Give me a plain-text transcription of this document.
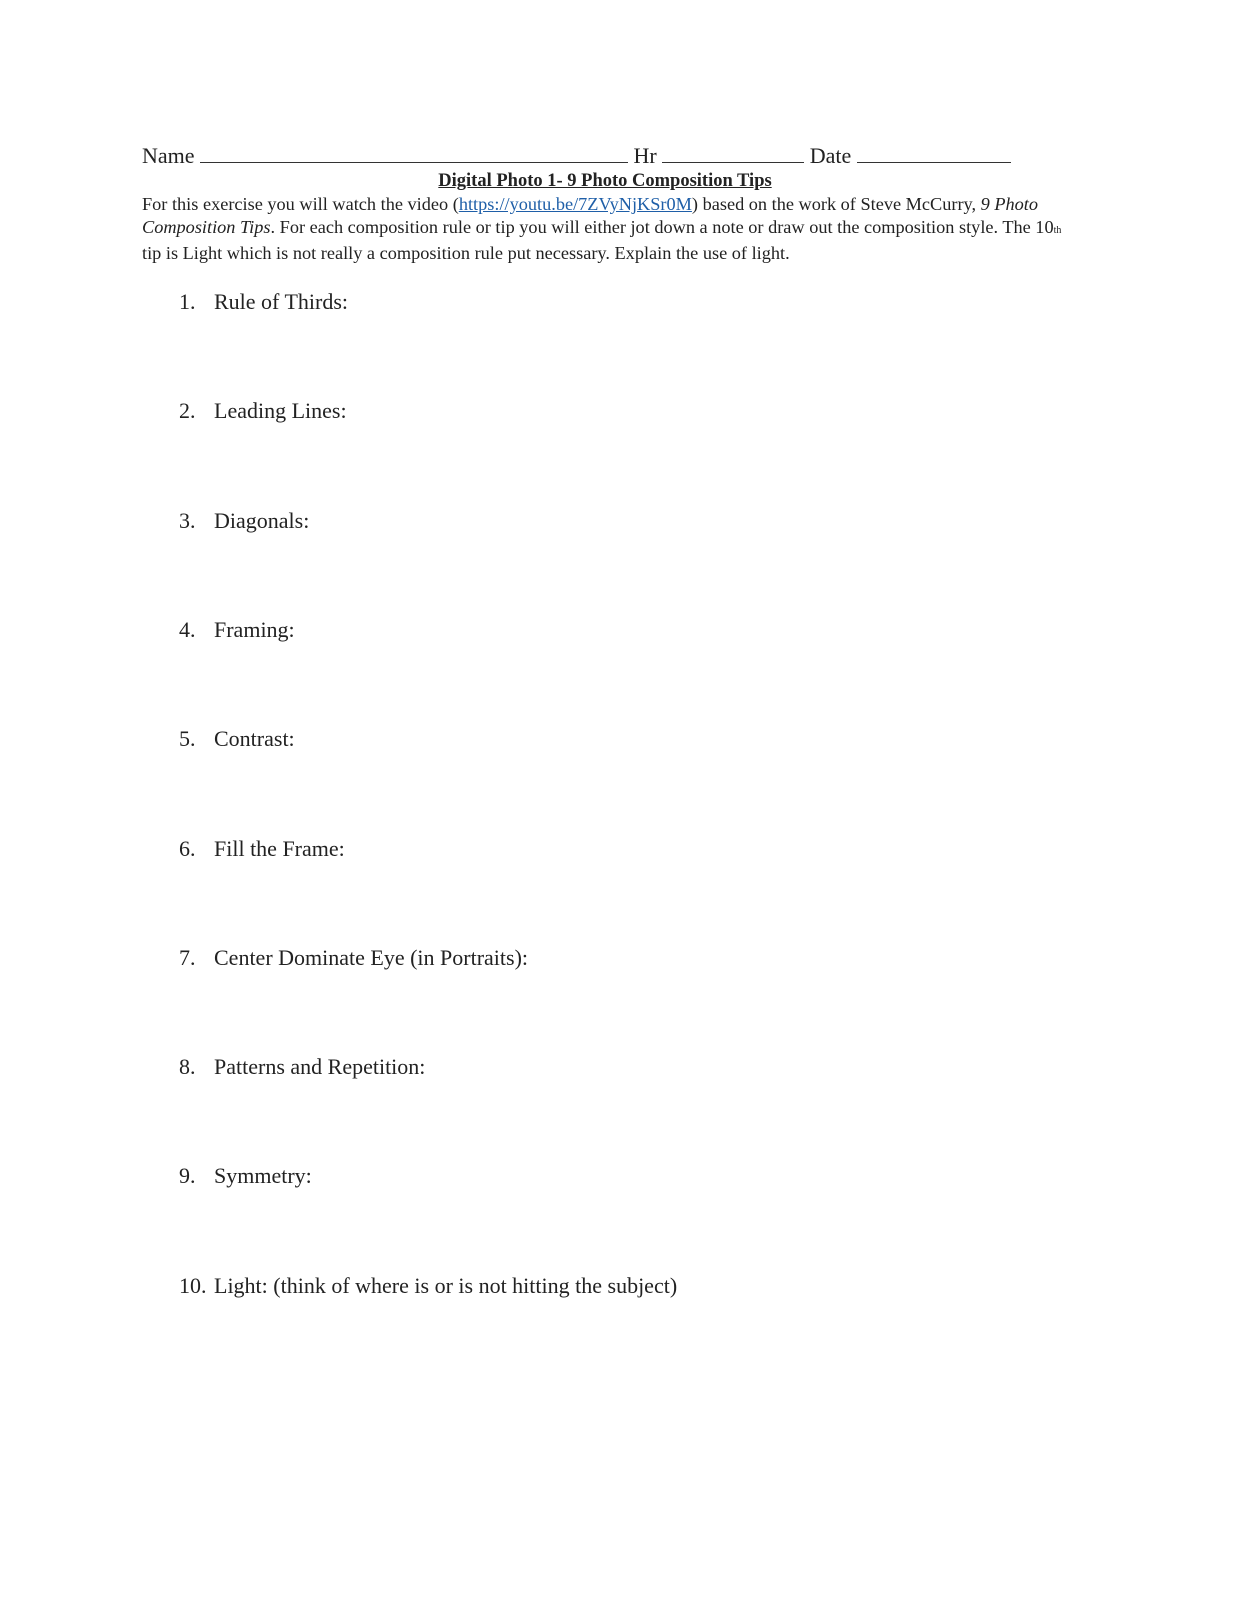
Name	Hr	Date
Digital Photo 1- 9 Photo Composition Tips
For this exercise you will watch the video (https://youtu.be/7ZVyNjKSr0M) based on the work of Steve McCurry, 9 Photo Composition Tips. For each composition rule or tip you will either jot down a note or draw out the composition style. The 10th tip is Light which is not really a composition rule put necessary. Explain the use of light.
1. Rule of Thirds:
2. Leading Lines:
3. Diagonals:
4. Framing:
5. Contrast:
6. Fill the Frame:
7. Center Dominate Eye (in Portraits):
8. Patterns and Repetition:
9. Symmetry:
10. Light: (think of where is or is not hitting the subject)
